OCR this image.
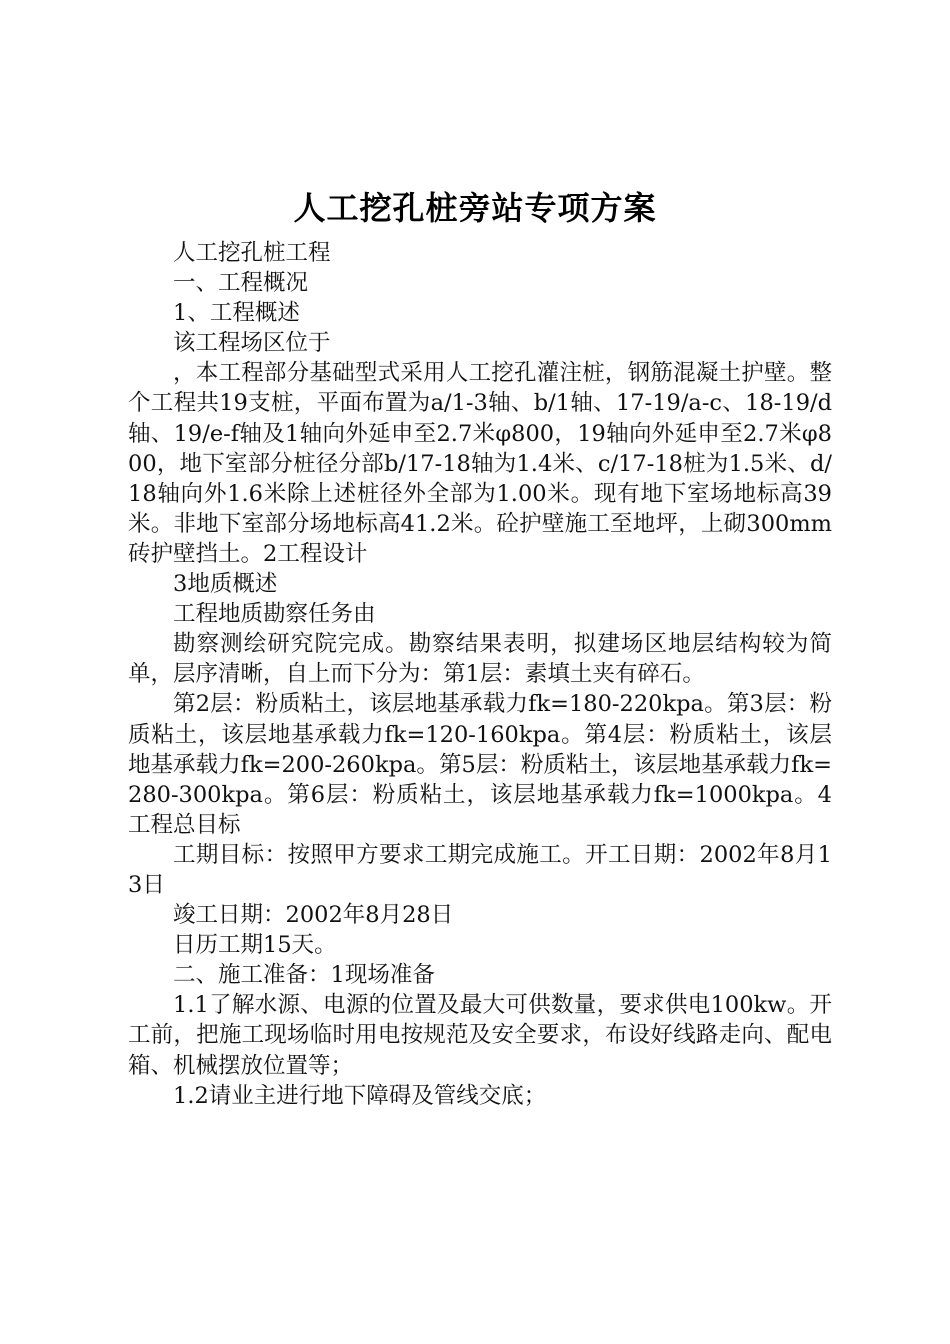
人工挖孔桩旁站专项方案

人工挖孔桩工程

一、工程概况

1、工程概述

该工程场区位于

，本工程部分基础型式采用人工挖孔灌注桩，钢筋混凝土护壁。整个工程共19支桩，平面布置为a/1-3轴、b/1轴、17-19/a-c、18-19/d轴、19/e-f轴及1轴向外延申至2.7米φ800，19轴向外延申至2.7米φ800，地下室部分桩径分部b/17-18轴为1.4米、c/17-18桩为1.5米、d/18轴向外1.6米除上述桩径外全部为1.00米。现有地下室场地标高39米。非地下室部分场地标高41.2米。砼护壁施工至地坪，上砌300mm砖护壁挡土。2工程设计

3地质概述

工程地质勘察任务由

勘察测绘研究院完成。勘察结果表明，拟建场区地层结构较为简单，层序清晰，自上而下分为：第1层：素填土夹有碎石。

第2层：粉质粘土，该层地基承载力fk=180-220kpa。第3层：粉质粘土，该层地基承载力fk=120-160kpa。第4层：粉质粘土，该层地基承载力fk=200-260kpa。第5层：粉质粘土，该层地基承载力fk=280-300kpa。第6层：粉质粘土，该层地基承载力fk=1000kpa。4工程总目标

工期目标：按照甲方要求工期完成施工。开工日期：2002年8月13日

竣工日期：2002年8月28日

日历工期15天。

二、施工准备：1现场准备

1.1了解水源、电源的位置及最大可供数量，要求供电100kw。开工前，把施工现场临时用电按规范及安全要求，布设好线路走向、配电箱、机械摆放位置等；

1.2请业主进行地下障碍及管线交底；
